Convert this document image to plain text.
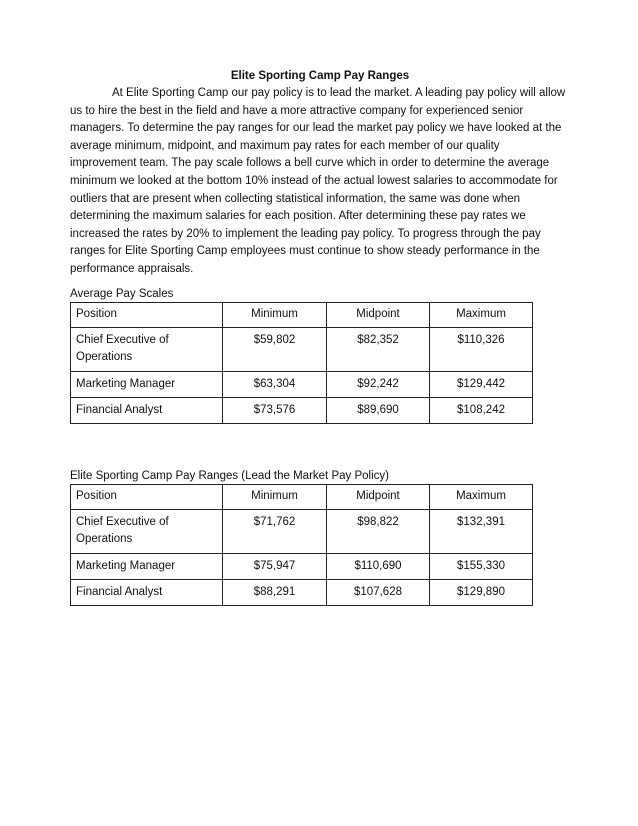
Elite Sporting Camp Pay Ranges

At Elite Sporting Camp our pay policy is to lead the market. A leading pay policy will allow us to hire the best in the field and have a more attractive company for experienced senior managers. To determine the pay ranges for our lead the market pay policy we have looked at the average minimum, midpoint, and maximum pay rates for each member of our quality improvement team. The pay scale follows a bell curve which in order to determine the average minimum we looked at the bottom 10% instead of the actual lowest salaries to accommodate for outliers that are present when collecting statistical information, the same was done when determining the maximum salaries for each position. After determining these pay rates we increased the rates by 20% to implement the leading pay policy. To progress through the pay ranges for Elite Sporting Camp employees must continue to show steady performance in the performance appraisals.

Average Pay Scales
Position	Minimum	Midpoint	Maximum
Chief Executive of Operations	$59,802	$82,352	$110,326
Marketing Manager	$63,304	$92,242	$129,442
Financial Analyst	$73,576	$89,690	$108,242
Elite Sporting Camp Pay Ranges (Lead the Market Pay Policy)
Position	Minimum	Midpoint	Maximum
Chief Executive of Operations	$71,762	$98,822	$132,391
Marketing Manager	$75,947	$110,690	$155,330
Financial Analyst	$88,291	$107,628	$129,890
